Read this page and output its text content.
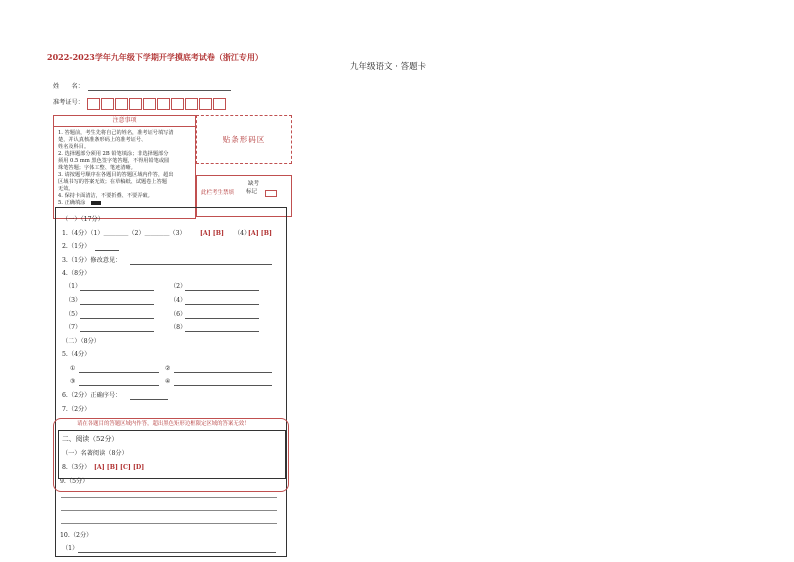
2022-2023学年九年级下学期开学摸底考试卷（浙江专用）
九年级语文 · 答题卡
姓　　名：
准考证号：
注意事项
1. 答题前，考生先将自己的姓名，准考证号填写清
楚，并认真核准条形码上的准考证号、
姓名及科目。
2. 选择题部分须用 2B 铅笔填涂；非选择题部分
须用 0.5 mm 黑色签字笔答题，不得用铅笔或圆
珠笔答题；字体工整、笔迹清晰。
3. 请按题号顺序在各题目的答题区域内作答，超出
区域书写的答案无效；在草稿纸、试题卷上答题
无效。
4. 保持卡面清洁，不要折叠、不要弄破。
5. 正确填涂
贴条形码区
此栏考生禁填
缺考
标记
（一）（17分）
1.（4分）（1）＿＿＿＿（2）＿＿＿＿（3） [A] [B] （4）
[A] [B]
2.（1分）
3.（1分）修改意见：
4.（8分）
（1）	（2）
（3）	（4）
（5）	（6）
（7）	（8）
（二）（8分）
5.（4分）
①	②
③	④
6.（2分）正确序号：
7.（2分）
请在各题目的答题区域内作答，超出黑色矩形边框限定区域的答案无效！
二、阅读（52分）
（一）名著阅读（8分）
8.（3分） [A] [B] [C] [D]
9.（5分）
10.（2分）
（1）
